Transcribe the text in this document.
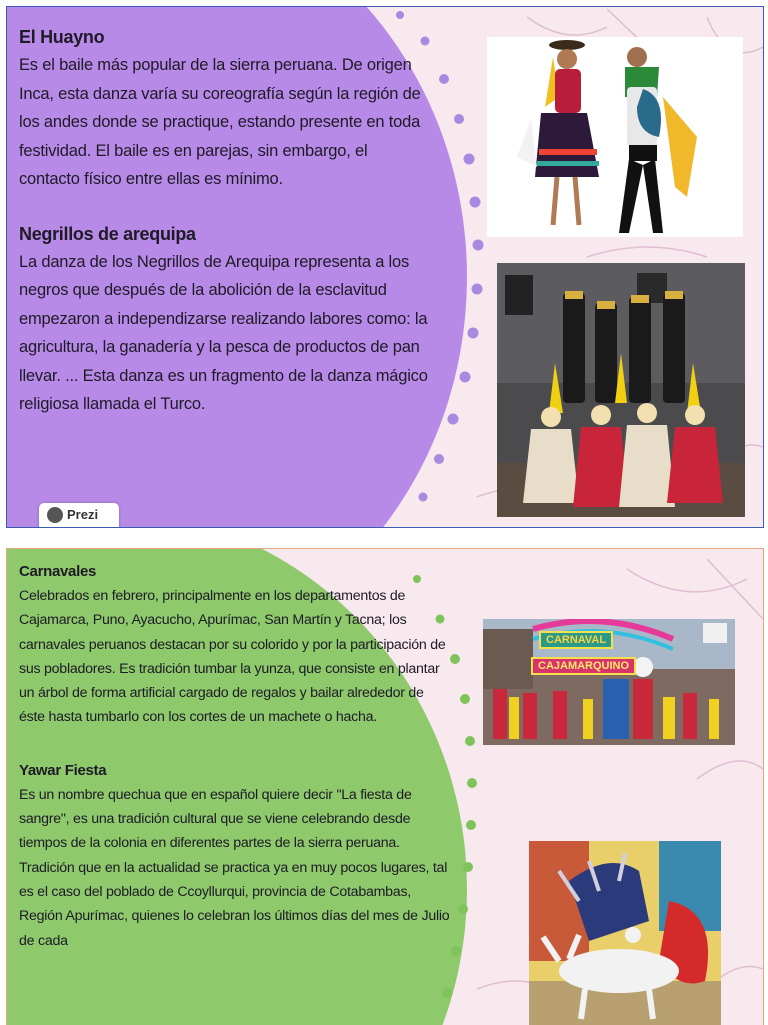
El Huayno

Es el baile más popular de la sierra peruana. De origen Inca, esta danza varía su coreografía según la región de los andes donde se practique, estando presente en toda festividad. El baile es en parejas, sin embargo, el contacto físico entre ellas es mínimo.

Negrillos de arequipa

La danza de los Negrillos de Arequipa representa a los negros que después de la abolición de la esclavitud empezaron a independizarse realizando labores como: la agricultura, la ganadería y la pesca de productos de pan llevar. ... Esta danza es un fragmento de la danza mágico religiosa llamada el Turco.

Prezi
Carnavales

Celebrados en febrero, principalmente en los departamentos de Cajamarca, Puno, Ayacucho, Apurímac, San Martín y Tacna; los carnavales peruanos destacan por su colorido y por la participación de sus pobladores. Es tradición tumbar la yunza, que consiste en plantar un árbol de forma artificial cargado de regalos y bailar alrededor de éste hasta tumbarlo con los cortes de un machete o hacha.

Yawar Fiesta

Es un nombre quechua que en español quiere decir "La fiesta de sangre", es una tradición cultural que se viene celebrando desde tiempos de la colonia en diferentes partes de la sierra peruana. Tradición que en la actualidad se practica ya en muy pocos lugares, tal es el caso del poblado de Ccoyllurqui, provincia de Cotabambas, Región Apurímac, quienes lo celebran los últimos días del mes de Julio de cada

CARNAVAL
CAJAMARQUINO
